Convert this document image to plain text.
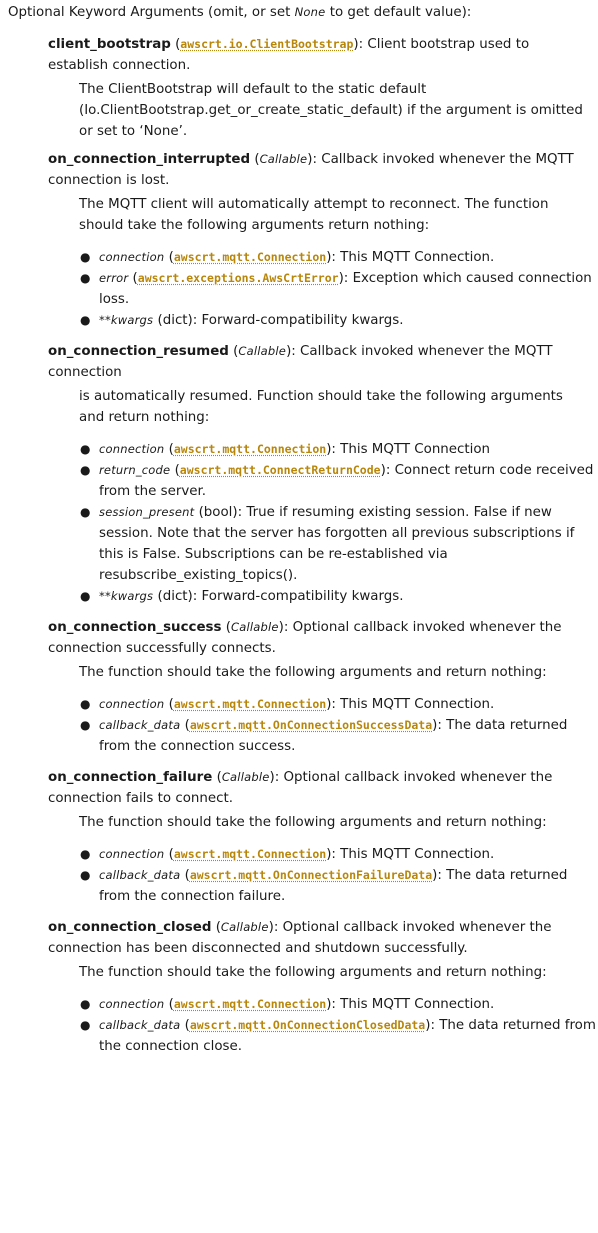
Optional Keyword Arguments (omit, or set None to get default value):

client_bootstrap (awscrt.io.ClientBootstrap): Client bootstrap used to establish connection.

The ClientBootstrap will default to the static default (Io.ClientBootstrap.get_or_create_static_default) if the argument is omitted or set to ‘None’.

on_connection_interrupted (Callable): Callback invoked whenever the MQTT connection is lost.

The MQTT client will automatically attempt to reconnect. The function should take the following arguments return nothing:

● connection (awscrt.mqtt.Connection): This MQTT Connection.
● error (awscrt.exceptions.AwsCrtError): Exception which caused connection loss.
● **kwargs (dict): Forward-compatibility kwargs.

on_connection_resumed (Callable): Callback invoked whenever the MQTT connection

is automatically resumed. Function should take the following arguments and return nothing:

● connection (awscrt.mqtt.Connection): This MQTT Connection
● return_code (awscrt.mqtt.ConnectReturnCode): Connect return code received from the server.
● session_present (bool): True if resuming existing session. False if new session. Note that the server has forgotten all previous subscriptions if this is False. Subscriptions can be re-established via resubscribe_existing_topics().
● **kwargs (dict): Forward-compatibility kwargs.

on_connection_success (Callable): Optional callback invoked whenever the connection successfully connects.

The function should take the following arguments and return nothing:

● connection (awscrt.mqtt.Connection): This MQTT Connection.
● callback_data (awscrt.mqtt.OnConnectionSuccessData): The data returned from the connection success.

on_connection_failure (Callable): Optional callback invoked whenever the connection fails to connect.

The function should take the following arguments and return nothing:

● connection (awscrt.mqtt.Connection): This MQTT Connection.
● callback_data (awscrt.mqtt.OnConnectionFailureData): The data returned from the connection failure.

on_connection_closed (Callable): Optional callback invoked whenever the connection has been disconnected and shutdown successfully.

The function should take the following arguments and return nothing:

● connection (awscrt.mqtt.Connection): This MQTT Connection.
● callback_data (awscrt.mqtt.OnConnectionClosedData): The data returned from the connection close.
